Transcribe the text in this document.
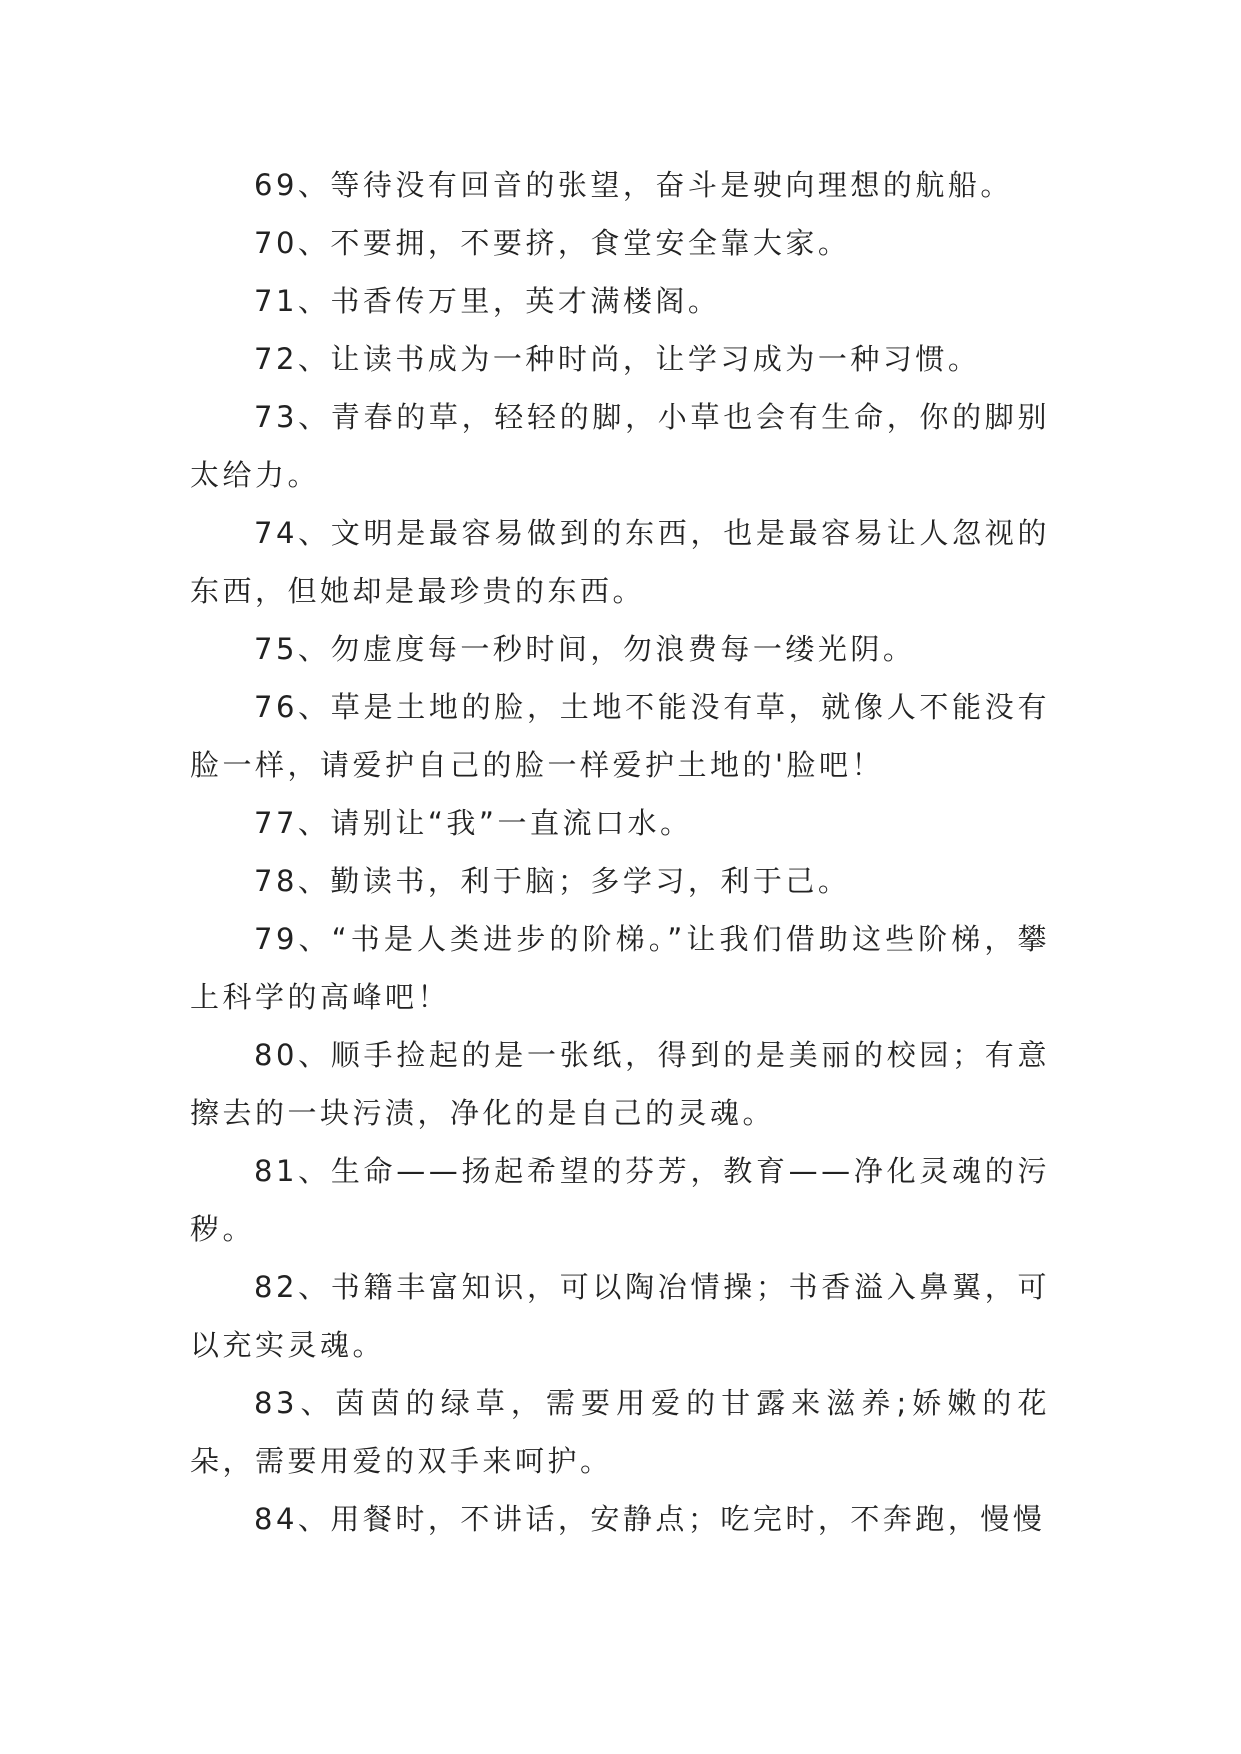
69、等待没有回音的张望，奋斗是驶向理想的航船。

70、不要拥，不要挤，食堂安全靠大家。

71、书香传万里，英才满楼阁。

72、让读书成为一种时尚，让学习成为一种习惯。

73、青春的草，轻轻的脚，小草也会有生命，你的脚别太给力。

74、文明是最容易做到的东西，也是最容易让人忽视的东西，但她却是最珍贵的东西。

75、勿虚度每一秒时间，勿浪费每一缕光阴。

76、草是土地的脸，土地不能没有草，就像人不能没有脸一样，请爱护自己的脸一样爱护土地的'脸吧！

77、请别让“我”一直流口水。

78、勤读书，利于脑；多学习，利于己。

79、“书是人类进步的阶梯。”让我们借助这些阶梯，攀上科学的高峰吧！

80、顺手捡起的是一张纸，得到的是美丽的校园；有意擦去的一块污渍，净化的是自己的灵魂。

81、生命——扬起希望的芬芳，教育——净化灵魂的污秽。

82、书籍丰富知识，可以陶冶情操；书香溢入鼻翼，可以充实灵魂。

83、茵茵的绿草，需要用爱的甘露来滋养;娇嫩的花朵，需要用爱的双手来呵护。

84、用餐时，不讲话，安静点；吃完时，不奔跑，慢慢
